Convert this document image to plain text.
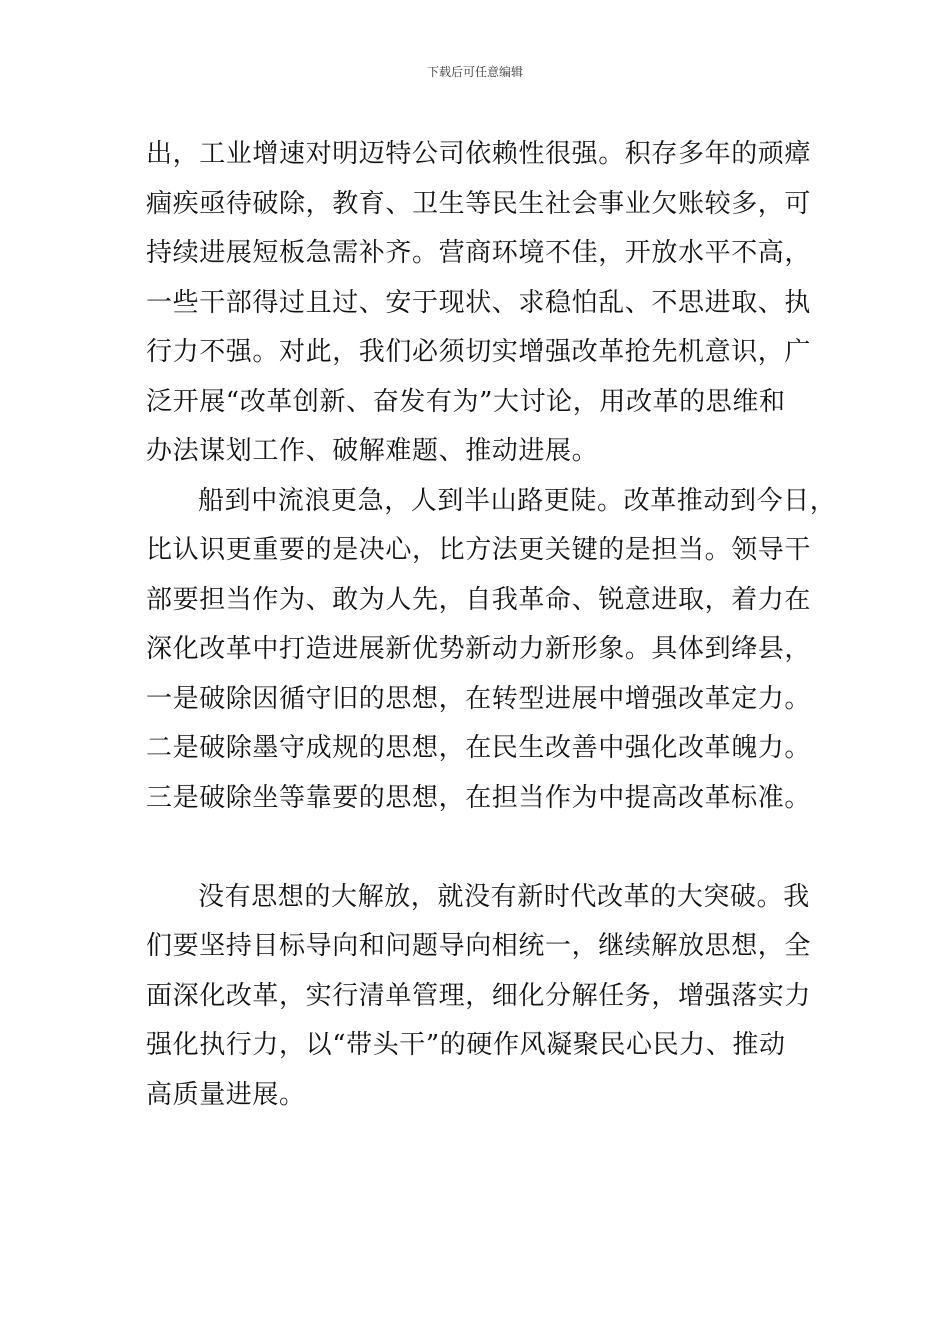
下载后可任意编辑
出，工业增速对明迈特公司依赖性很强。积存多年的顽瘴
痼疾亟待破除，教育、卫生等民生社会事业欠账较多，可
持续进展短板急需补齐。营商环境不佳，开放水平不高，
一些干部得过且过、安于现状、求稳怕乱、不思进取、执
行力不强。对此，我们必须切实增强改革抢先机意识，广
泛开展“改革创新、奋发有为”大讨论，用改革的思维和
办法谋划工作、破解难题、推动进展。
船到中流浪更急，人到半山路更陡。改革推动到今日，
比认识更重要的是决心，比方法更关键的是担当。领导干
部要担当作为、敢为人先，自我革命、锐意进取，着力在
深化改革中打造进展新优势新动力新形象。具体到绛县，
一是破除因循守旧的思想，在转型进展中增强改革定力。
二是破除墨守成规的思想，在民生改善中强化改革魄力。
三是破除坐等靠要的思想，在担当作为中提高改革标准。
没有思想的大解放，就没有新时代改革的大突破。我
们要坚持目标导向和问题导向相统一，继续解放思想，全
面深化改革，实行清单管理，细化分解任务，增强落实力
强化执行力，以“带头干”的硬作风凝聚民心民力、推动
高质量进展。
